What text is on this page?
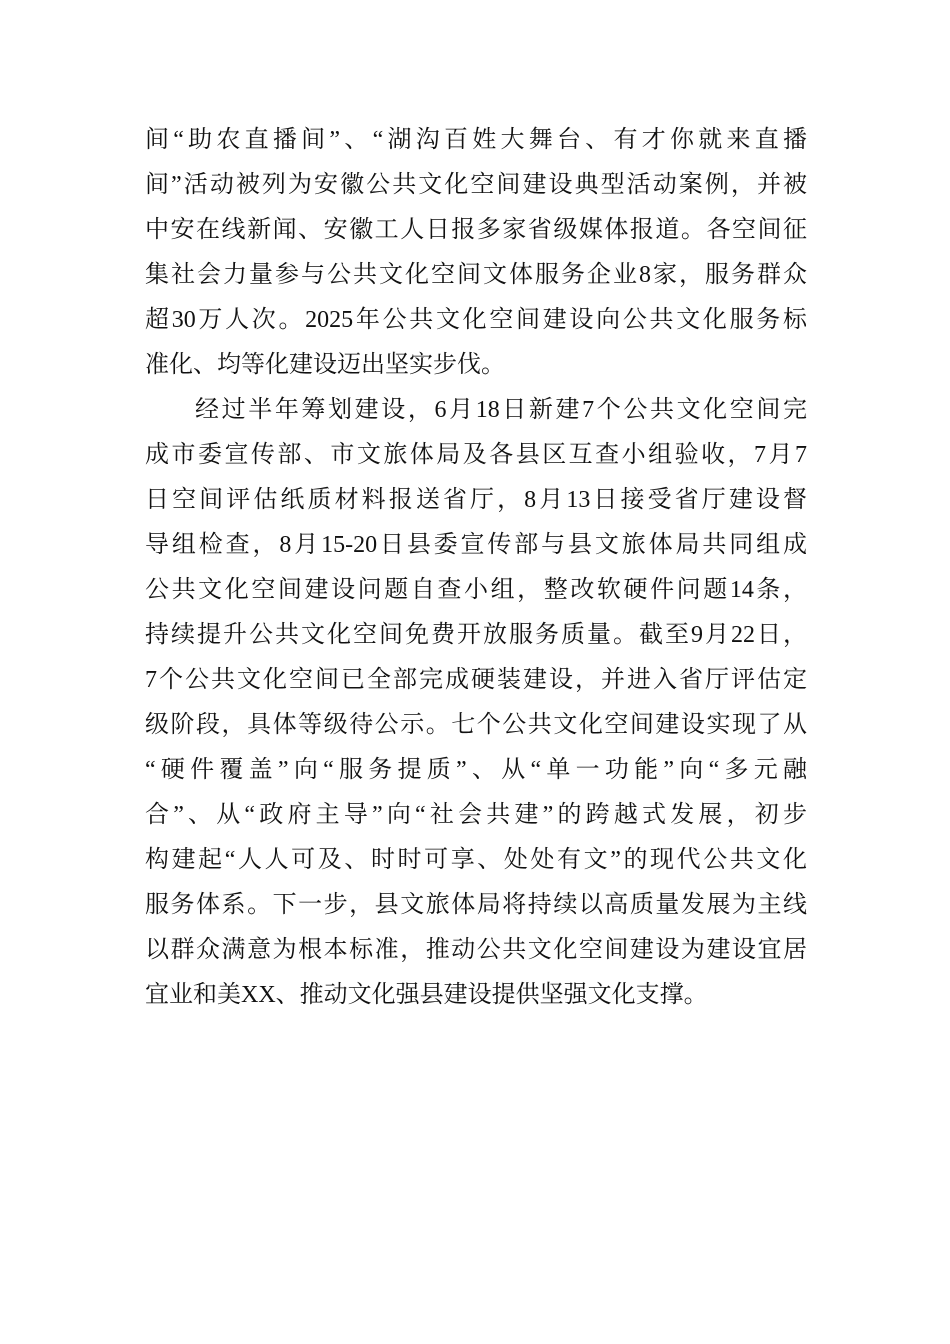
间“助农直播间”、“湖沟百姓大舞台、有才你就来直播
间”活动被列为安徽公共文化空间建设典型活动案例，并被
中安在线新闻、安徽工人日报多家省级媒体报道。各空间征
集社会力量参与公共文化空间文体服务企业8家，服务群众
超30万人次。2025年公共文化空间建设向公共文化服务标
准化、均等化建设迈出坚实步伐。
经过半年筹划建设，6月18日新建7个公共文化空间完
成市委宣传部、市文旅体局及各县区互查小组验收，7月7
日空间评估纸质材料报送省厅，8月13日接受省厅建设督
导组检查，8月15-20日县委宣传部与县文旅体局共同组成
公共文化空间建设问题自查小组，整改软硬件问题14条，
持续提升公共文化空间免费开放服务质量。截至9月22日，
7个公共文化空间已全部完成硬装建设，并进入省厅评估定
级阶段，具体等级待公示。七个公共文化空间建设实现了从
“硬件覆盖”向“服务提质”、从“单一功能”向“多元融
合”、从“政府主导”向“社会共建”的跨越式发展，初步
构建起“人人可及、时时可享、处处有文”的现代公共文化
服务体系。下一步，县文旅体局将持续以高质量发展为主线
以群众满意为根本标准，推动公共文化空间建设为建设宜居
宜业和美XX、推动文化强县建设提供坚强文化支撑。
